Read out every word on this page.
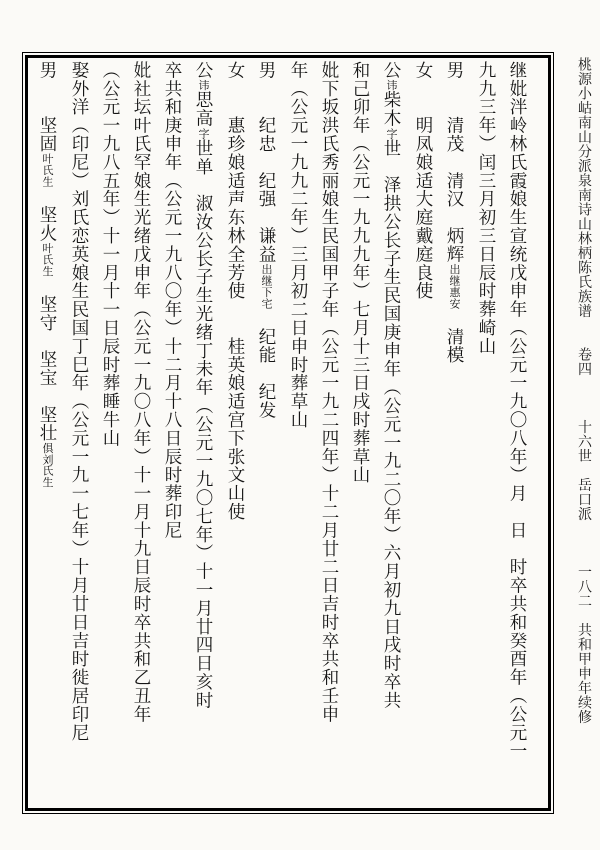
桃源小岵南山分派泉南诗山林柄陈氏族谱　　卷四　　　十六世　岳口派　　　一八二　共和甲申年续修
继妣泮岭林氏霞娘生宣统戊申年（公元一九〇八年）月　日　时卒共和癸酉年（公元一
九九三年）闰三月初三日辰时葬崎山
男　　清茂　清汉　炳辉出继惠安　清模
女　　明凤娘适大庭戴庭良使
公讳柴木字世　泽拱公长子生民国庚申年（公元一九二〇年）六月初九日戌时卒共
和己卯年（公元一九九九年）七月十三日戌时葬草山
妣下坂洪氏秀丽娘生民国甲子年（公元一九二四年）十二月廿二日吉时卒共和壬申
年（公元一九九二年）三月初二日申时葬草山
男　　纪忠　纪强　谦益出继下宅　纪能　纪发
女　　惠珍娘适声东林全芳使　　桂英娘适宫下张文山使
公讳思高字世单　淑汝公长子生光绪丁未年（公元一九〇七年）十一月廿四日亥时
卒共和庚申年（公元一九八〇年）十二月十八日辰时葬印尼
妣社坛叶氏罕娘生光绪戊申年（公元一九〇八年）十一月十九日辰时卒共和乙丑年
（公元一九八五年）十一月十一日辰时葬睡牛山
娶外洋（印尼）刘氏恋英娘生民国丁巳年（公元一九一七年）十月廿日吉时徙居印尼
男　　坚固叶氏生　坚火叶氏生　坚守　坚宝　坚壮俱刘氏生
